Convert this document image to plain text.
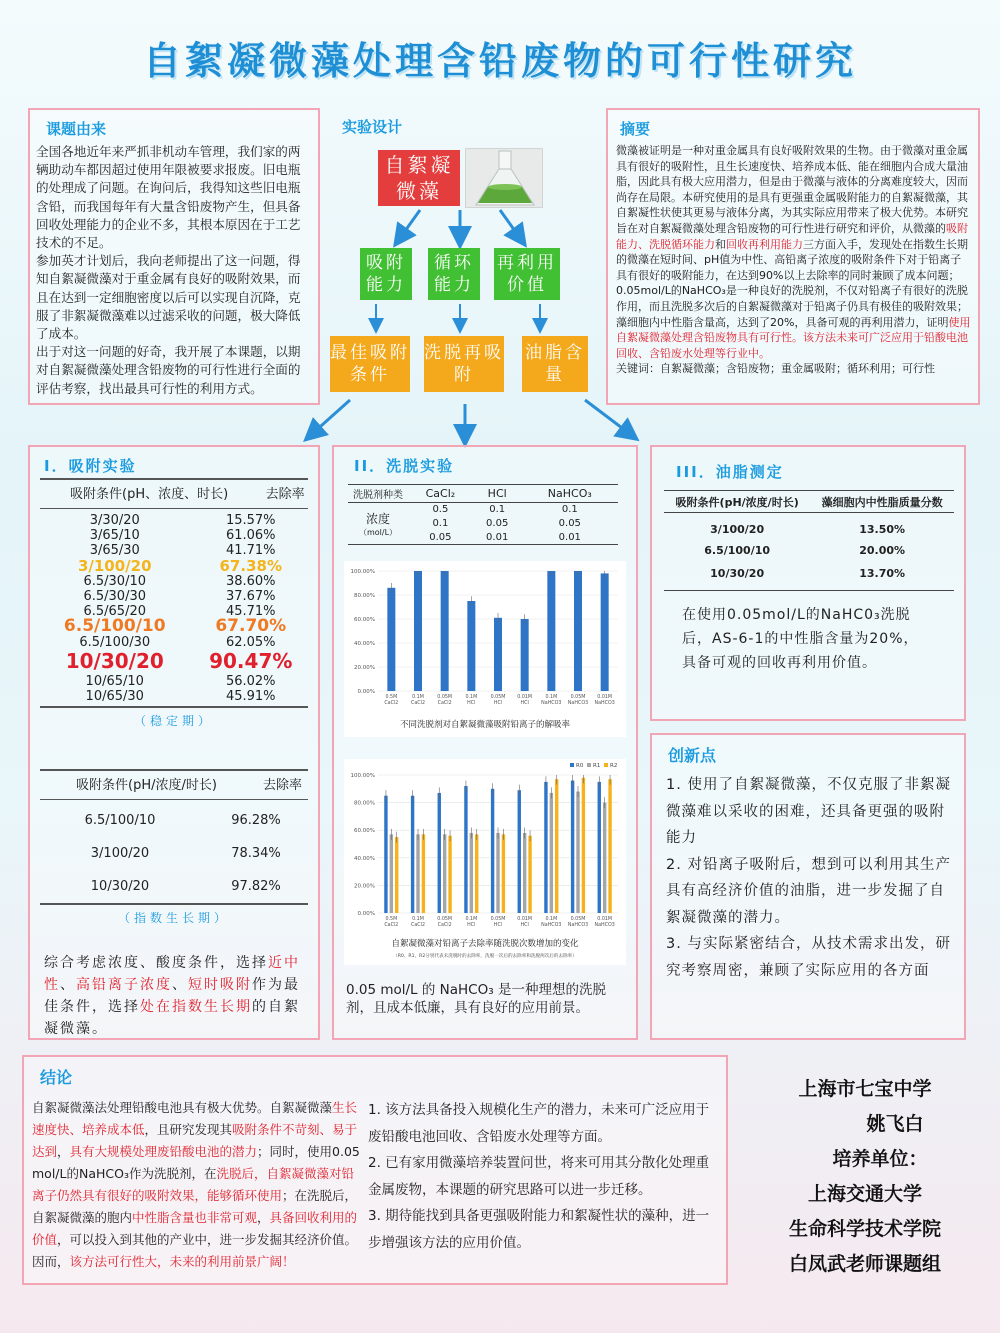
自絮凝微藻处理含铅废物的可行性研究
课题由来
全国各地近年来严抓非机动车管理，我们家的两辆助动车都因超过使用年限被要求报废。旧电瓶的处理成了问题。在询问后，我得知这些旧电瓶含铅，而我国每年有大量含铅废物产生，但具备回收处理能力的企业不多，其根本原因在于工艺技术的不足。
参加英才计划后，我向老师提出了这一问题，得知自絮凝微藻对于重金属有良好的吸附效果，而且在达到一定细胞密度以后可以实现自沉降，克服了非絮凝微藻难以过滤采收的问题，极大降低了成本。
出于对这一问题的好奇，我开展了本课题，以期对自絮凝微藻处理含铅废物的可行性进行全面的评估考察，找出最具可行性的利用方式。
实验设计
自絮凝微藻
吸附能力
循环能力
再利用价值
最佳吸附条件
洗脱再吸附
油脂含量
摘要
微藻被证明是一种对重金属具有良好吸附效果的生物。由于微藻对重金属具有很好的吸附性，且生长速度快、培养成本低、能在细胞内合成大量油脂，因此具有极大应用潜力，但是由于微藻与液体的分离难度较大，因而尚存在局限。本研究使用的是具有更强重金属吸附能力的自絮凝微藻，其自絮凝性状使其更易与液体分离，为其实际应用带来了极大优势。本研究旨在对自絮凝微藻处理含铅废物的可行性进行研究和评价，从微藻的吸附能力、洗脱循环能力和回收再利用能力三方面入手，发现处在指数生长期的微藻在短时间、pH值为中性、高铅离子浓度的吸附条件下对于铅离子具有很好的吸附能力，在达到90%以上去除率的同时兼顾了成本问题；0.05mol/L的NaHCO₃是一种良好的洗脱剂，不仅对铅离子有很好的洗脱作用，而且洗脱多次后的自絮凝微藻对于铅离子仍具有极佳的吸附效果；藻细胞内中性脂含量高，达到了20%，具备可观的再利用潜力，证明使用自絮凝微藻处理含铅废物具有可行性。该方法未来可广泛应用于铅酸电池回收、含铅废水处理等行业中。
关键词：自絮凝微藻；含铅废物；重金属吸附；循环利用；可行性
I．吸附实验
吸附条件(pH、浓度、时长)	去除率
3/30/20	15.57%
3/65/10	61.06%
3/65/30	41.71%
3/100/20	67.38%
6.5/30/10	38.60%
6.5/30/30	37.67%
6.5/65/20	45.71%
6.5/100/10	67.70%
6.5/100/30	62.05%
10/30/20	90.47%
10/65/10	56.02%
10/65/30	45.91%
（稳定期）
吸附条件(pH/浓度/时长)	去除率
6.5/100/10	96.28%
3/100/20	78.34%
10/30/20	97.82%
（指数生长期）
综合考虑浓度、酸度条件，选择近中性、高铅离子浓度、短时吸附作为最佳条件，选择处在指数生长期的自絮凝微藻。
II．洗脱实验
洗脱剂种类	CaCl₂	HCl	NaHCO₃

浓度
（mol/L）	0.5	0.1	0.1
	0.1	0.05	0.05
	0.05	0.01	0.01
0.00%
20.00%
40.00%
60.00%
80.00%
100.00%
0.5M
CaCl2
0.1M
CaCl2
0.05M
CaCl2
0.1M
HCl
0.05M
HCl
0.01M
HCl
0.1M
NaHCO3
0.05M
NaHCO3
0.01M
NaHCO3
不同洗脱剂对自絮凝微藻吸附铅离子的解吸率
0.00%
20.00%
40.00%
60.00%
80.00%
100.00%
0.5M
CaCl2
0.1M
CaCl2
0.05M
CaCl2
0.1M
HCl
0.05M
HCl
0.01M
HCl
0.1M
NaHCO3
0.05M
NaHCO3
0.01M
NaHCO3
R0 R1 R2
自絮凝微藻对铅离子去除率随洗脱次数增加的变化
（R0、R1、R2分别代表未洗脱时的去除率，洗脱一次后的去除率和洗脱两次后的去除率）
0.05 mol/L 的 NaHCO₃ 是一种理想的洗脱剂，且成本低廉，具有良好的应用前景。
III．油脂测定
吸附条件(pH/浓度/时长)	藻细胞内中性脂质量分数
3/100/20	13.50%
6.5/100/10	20.00%
10/30/20	13.70%
在使用0.05mol/L的NaHC0₃洗脱后，AS-6-1的中性脂含量为20%，具备可观的回收再利用价值。
创新点
1. 使用了自絮凝微藻，不仅克服了非絮凝微藻难以采收的困难，还具备更强的吸附能力
2. 对铅离子吸附后，想到可以利用其生产具有高经济价值的油脂，进一步发掘了自絮凝微藻的潜力。
3. 与实际紧密结合，从技术需求出发，研究考察周密，兼顾了实际应用的各方面
结论
自絮凝微藻法处理铅酸电池具有极大优势。自絮凝微藻生长速度快、培养成本低，且研究发现其吸附条件不苛刻、易于达到，具有大规模处理废铅酸电池的潜力；同时，使用0.05 mol/L的NaHCO₃作为洗脱剂，在洗脱后，自絮凝微藻对铅离子仍然具有很好的吸附效果，能够循环使用；在洗脱后，自絮凝微藻的胞内中性脂含量也非常可观，具备回收利用的价值，可以投入到其他的产业中，进一步发掘其经济价值。因而，该方法可行性大，未来的利用前景广阔！
1. 该方法具备投入规模化生产的潜力，未来可广泛应用于废铅酸电池回收、含铅废水处理等方面。
2. 已有家用微藻培养装置问世，将来可用其分散化处理重金属废物，本课题的研究思路可以进一步迁移。
3. 期待能找到具备更强吸附能力和絮凝性状的藻种，进一步增强该方法的应用价值。
上海市七宝中学
姚飞白
培养单位：
上海交通大学
生命科学技术学院
白凤武老师课题组
